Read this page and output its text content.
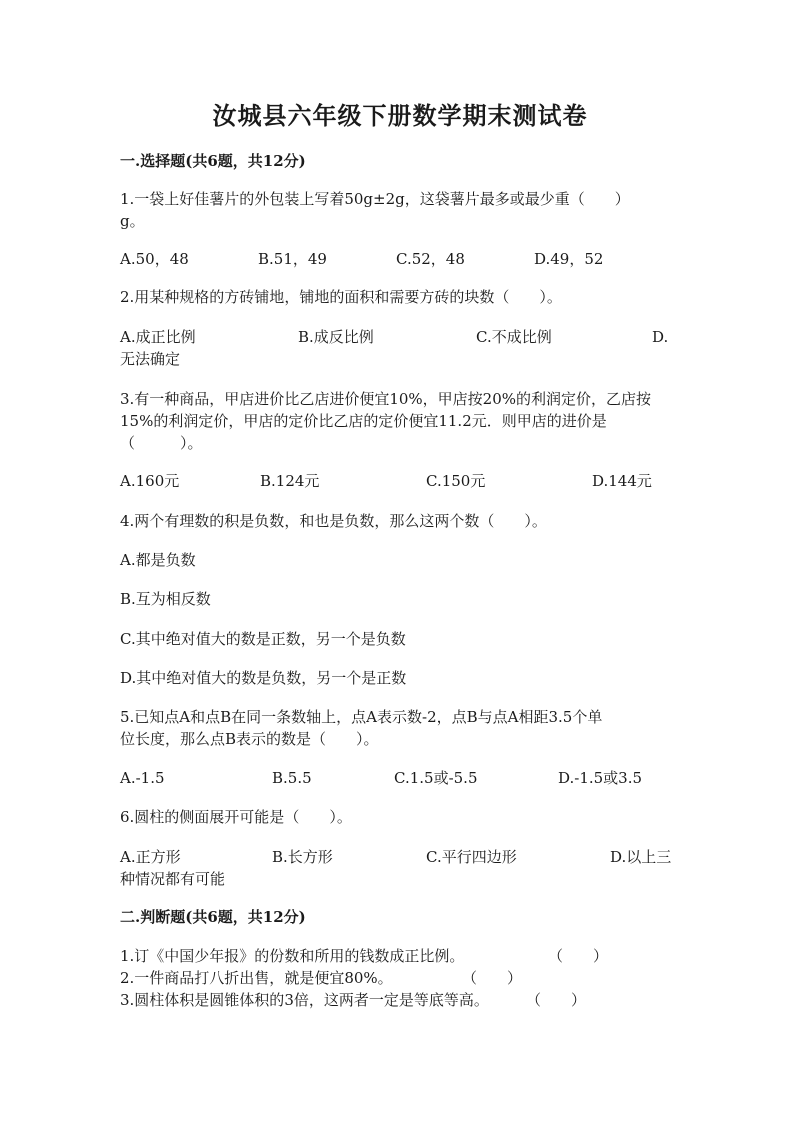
汝城县六年级下册数学期末测试卷
一.选择题(共6题，共12分)
1.一袋上好佳薯片的外包装上写着50g±2g，这袋薯片最多或最少重（　　）
g。
A.50，48	B.51，49	C.52，48	D.49，52
2.用某种规格的方砖铺地，铺地的面积和需要方砖的块数（　　）。
A.成正比例	B.成反比例	C.不成比例	D.
无法确定
3.有一种商品，甲店进价比乙店进价便宜10%，甲店按20%的利润定价，乙店按
15%的利润定价，甲店的定价比乙店的定价便宜11.2元．则甲店的进价是
（　　　）。
A.160元	B.124元	C.150元	D.144元
4.两个有理数的积是负数，和也是负数，那么这两个数（　　）。
A.都是负数
B.互为相反数
C.其中绝对值大的数是正数，另一个是负数
D.其中绝对值大的数是负数，另一个是正数
5.已知点A和点B在同一条数轴上，点A表示数-2，点B与点A相距3.5个单
位长度，那么点B表示的数是（　　）。
A.-1.5	B.5.5	C.1.5或-5.5	D.-1.5或3.5
6.圆柱的侧面展开可能是（　　）。
A.正方形	B.长方形	C.平行四边形	D.以上三
种情况都有可能
二.判断题(共6题，共12分)
1.订《中国少年报》的份数和所用的钱数成正比例。	（　　）
2.一件商品打八折出售，就是便宜80%。	（　　）
3.圆柱体积是圆锥体积的3倍，这两者一定是等底等高。 （　　）
